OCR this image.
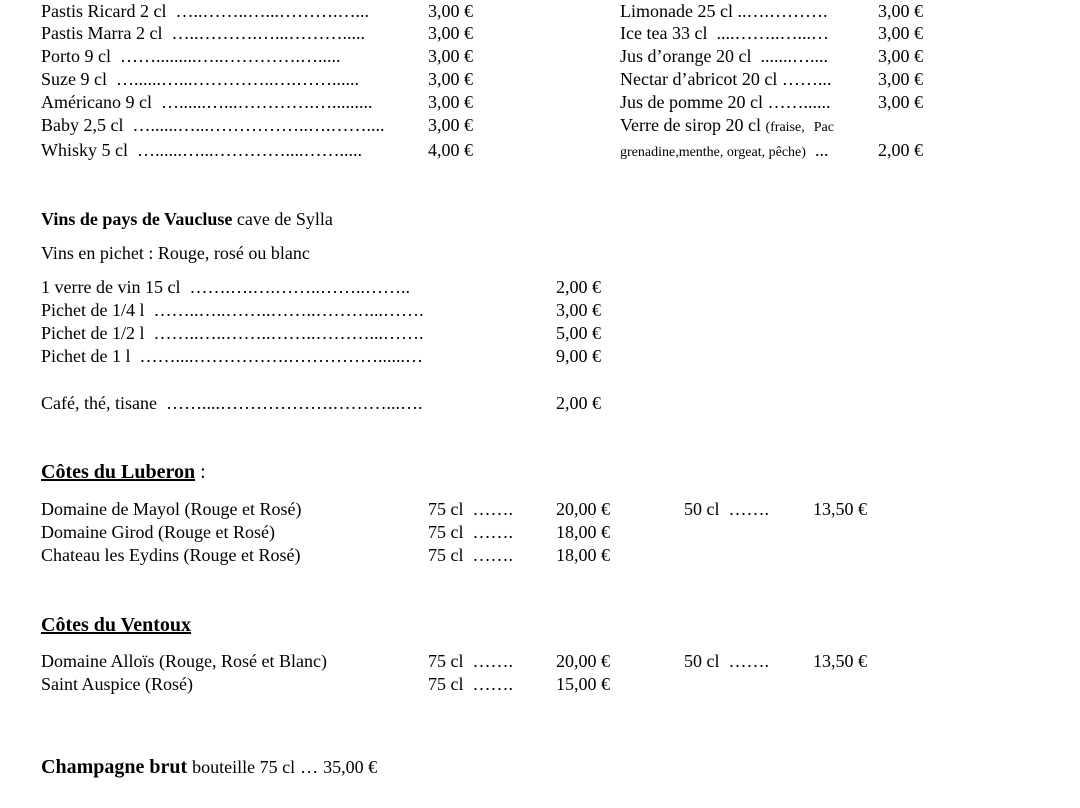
Pastis Ricard 2 cl …..……..…...……….…...	3,00 €
Pastis Marra 2 cl …..……….…...……….....	3,00 €
Porto 9 cl …….........…..………….….....	3,00 €
Suze 9 cl …......…...…………..….……......	3,00 €
Américano 9 cl …......…...………….….........	3,00 €
Baby 2,5 cl …......…...……………..….…….... 3,00 €
Whisky 5 cl …......…...…………....…….....	4,00 €
Limonade 25 cl ..….……….	3,00 €
Ice tea 33 cl ....……..…...…	3,00 €
Jus d’orange 20 cl .......…....	3,00 €
Nectar d’abricot 20 cl ……...	3,00 €
Jus de pomme 20 cl ……......	3,00 €
Verre de sirop 20 cl (fraise, Pac
grenadine,menthe, orgeat, pêche) ...	2,00 €
Vins de pays de Vaucluse cave de Sylla
Vins en pichet : Rouge, rosé ou blanc
1 verre de vin 15 cl …….….….……..……..……..	2,00 €
Pichet de 1/4 l ……..…..……..……..………...…….	3,00 €
Pichet de 1/2 l ……..…..……..……..………...…….	5,00 €
Pichet de 1 l ……....…………….……………......…	9,00 €
Café, thé, tisane ……....……………….………...….	2,00 €
Côtes du Luberon :
Domaine de Mayol (Rouge et Rosé)	75 cl ……. 20,00 €	50 cl ……. 13,50 €
Domaine Girod (Rouge et Rosé)	75 cl ……. 18,00 €
Chateau les Eydins (Rouge et Rosé)	75 cl ……. 18,00 €
Côtes du Ventoux
Domaine Alloïs (Rouge, Rosé et Blanc)	75 cl ……. 20,00 €	50 cl ……. 13,50 €
Saint Auspice (Rosé)	75 cl ……. 15,00 €
Champagne brut bouteille 75 cl … 35,00 €
